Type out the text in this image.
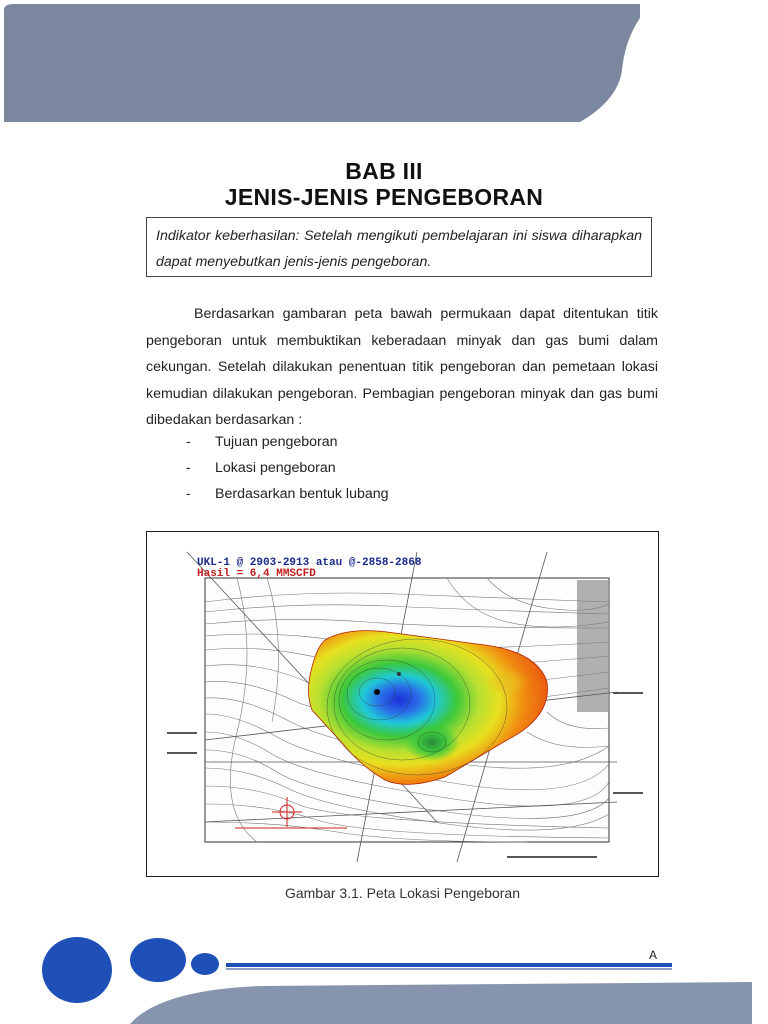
BAB III
JENIS-JENIS PENGEBORAN
Indikator keberhasilan: Setelah mengikuti pembelajaran ini siswa diharapkan dapat menyebutkan jenis-jenis pengeboran.
Berdasarkan gambaran peta bawah permukaan dapat ditentukan titik pengeboran untuk membuktikan keberadaan minyak dan gas bumi dalam cekungan. Setelah dilakukan penentuan titik pengeboran dan pemetaan lokasi kemudian dilakukan pengeboran. Pembagian pengeboran minyak dan gas bumi dibedakan berdasarkan :
- Tujuan pengeboran
- Lokasi pengeboran
- Berdasarkan bentuk lubang
UKL-1 @ 2903-2913 atau @-2858-2868
Hasil = 6,4 MMSCFD
Gambar 3.1. Peta Lokasi Pengeboran
A
